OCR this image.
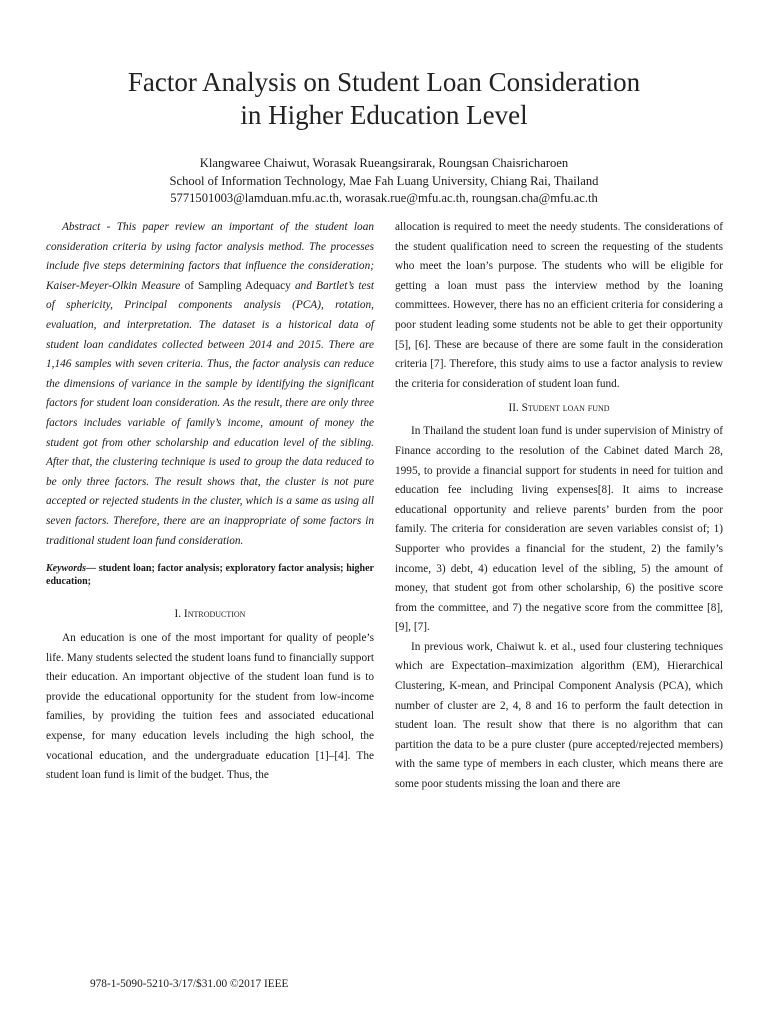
Factor Analysis on Student Loan Consideration
in Higher Education Level
Klangwaree Chaiwut, Worasak Rueangsirarak, Roungsan Chaisricharoen
School of Information Technology, Mae Fah Luang University, Chiang Rai, Thailand
5771501003@lamduan.mfu.ac.th, worasak.rue@mfu.ac.th, roungsan.cha@mfu.ac.th

Abstract - This paper review an important of the student loan consideration criteria by using factor analysis method. The processes include five steps determining factors that influence the consideration; Kaiser-Meyer-Olkin Measure of Sampling Adequacy and Bartlet’s test of sphericity, Principal components analysis (PCA), rotation, evaluation, and interpretation. The dataset is a historical data of student loan candidates collected between 2014 and 2015. There are 1,146 samples with seven criteria. Thus, the factor analysis can reduce the dimensions of variance in the sample by identifying the significant factors for student loan consideration. As the result, there are only three factors includes variable of family’s income, amount of money the student got from other scholarship and education level of the sibling. After that, the clustering technique is used to group the data reduced to be only three factors. The result shows that, the cluster is not pure accepted or rejected students in the cluster, which is a same as using all seven factors. Therefore, there are an inappropriate of some factors in traditional student loan fund consideration.

Keywords— student loan; factor analysis; exploratory factor analysis; higher education;

I. Introduction

An education is one of the most important for quality of people’s life. Many students selected the student loans fund to financially support their education. An important objective of the student loan fund is to provide the educational opportunity for the student from low-income families, by providing the tuition fees and associated educational expense, for many education levels including the high school, the vocational education, and the undergraduate education [1]–[4]. The student loan fund is limit of the budget. Thus, the

allocation is required to meet the needy students. The considerations of the student qualification need to screen the requesting of the students who meet the loan’s purpose. The students who will be eligible for getting a loan must pass the interview method by the loaning committees. However, there has no an efficient criteria for considering a poor student leading some students not be able to get their opportunity [5], [6]. These are because of there are some fault in the consideration criteria [7]. Therefore, this study aims to use a factor analysis to review the criteria for consideration of student loan fund.

II. Student loan fund

In Thailand the student loan fund is under supervision of Ministry of Finance according to the resolution of the Cabinet dated March 28, 1995, to provide a financial support for students in need for tuition and education fee including living expenses[8]. It aims to increase educational opportunity and relieve parents’ burden from the poor family. The criteria for consideration are seven variables consist of; 1) Supporter who provides a financial for the student, 2) the family’s income, 3) debt, 4) education level of the sibling, 5) the amount of money, that student got from other scholarship, 6) the positive score from the committee, and 7) the negative score from the committee [8], [9], [7].

In previous work, Chaiwut k. et al., used four clustering techniques which are Expectation–maximization algorithm (EM), Hierarchical Clustering, K-mean, and Principal Component Analysis (PCA), which number of cluster are 2, 4, 8 and 16 to perform the fault detection in student loan. The result show that there is no algorithm that can partition the data to be a pure cluster (pure accepted/rejected members) with the same type of members in each cluster, which means there are some poor students missing the loan and there are

978-1-5090-5210-3/17/$31.00 ©2017 IEEE
